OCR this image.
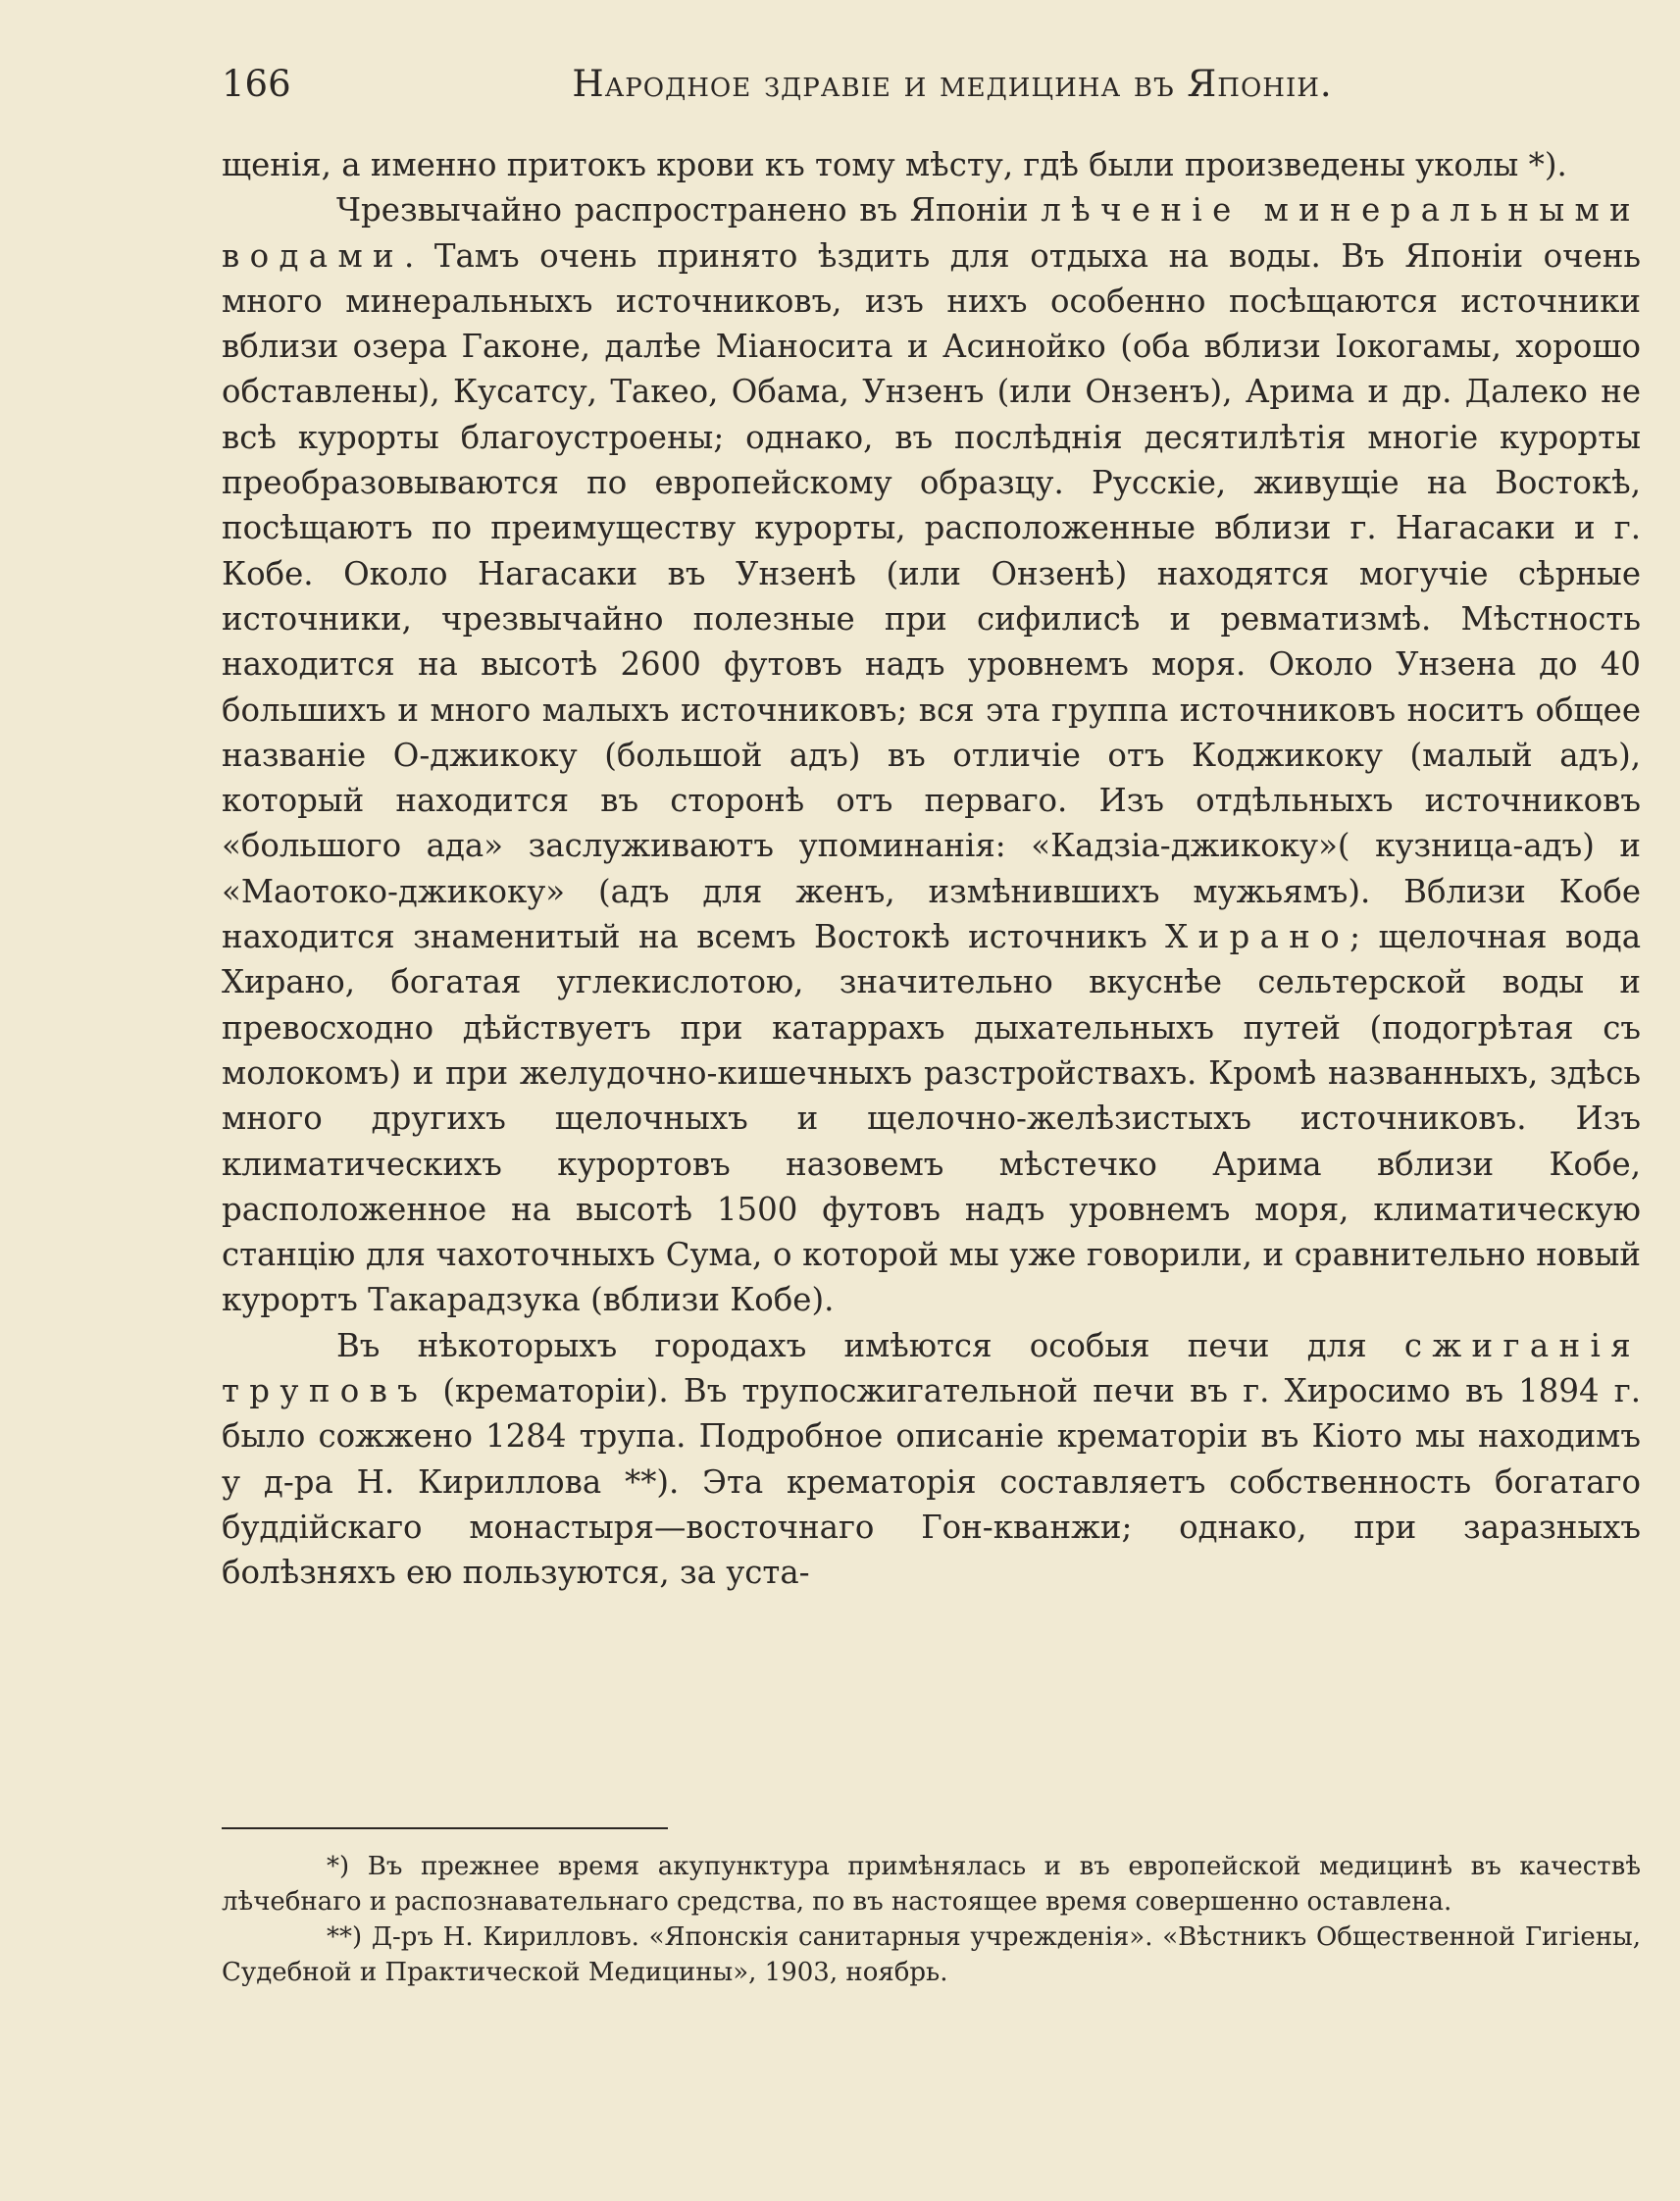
166	Народное здравіе и медицина въ Японіи.

щенія, а именно притокъ крови къ тому мѣсту, гдѣ были произведены уколы *).

Чрезвычайно распространено въ Японіи лѣченіе минеральными водами. Тамъ очень принято ѣздить для отдыха на воды. Въ Японіи очень много минеральныхъ источниковъ, изъ нихъ особенно посѣщаются источники вблизи озера Гаконе, далѣе Міаносита и Асинойко (оба вблизи Іокогамы, хорошо обставлены), Кусатсу, Такео, Обама, Унзенъ (или Онзенъ), Арима и др. Далеко не всѣ курорты благоустроены; однако, въ послѣднія десятилѣтія многіе курорты преобразовываются по европейскому образцу. Русскіе, живущіе на Востокѣ, посѣщаютъ по преимуществу курорты, расположенные вблизи г. Нагасаки и г. Кобе. Около Нагасаки въ Унзенѣ (или Онзенѣ) находятся могучіе сѣрные источники, чрезвычайно полезные при сифилисѣ и ревматизмѣ. Мѣстность находится на высотѣ 2600 футовъ надъ уровнемъ моря. Около Унзена до 40 большихъ и много малыхъ источниковъ; вся эта группа источниковъ носитъ общее названіе О-джикоку (большой адъ) въ отличіе отъ Коджикоку (малый адъ), который находится въ сторонѣ отъ перваго. Изъ отдѣльныхъ источниковъ «большого ада» заслуживаютъ упоминанія: «Кадзіа-джикоку»( кузница-адъ) и «Маотоко-джикоку» (адъ для женъ, измѣнившихъ мужьямъ). Вблизи Кобе находится знаменитый на всемъ Востокѣ источникъ Хирано; щелочная вода Хирано, богатая углекислотою, значительно вкуснѣе сельтерской воды и превосходно дѣйствуетъ при катаррахъ дыхательныхъ путей (подогрѣтая съ молокомъ) и при желудочно-кишечныхъ разстройствахъ. Кромѣ названныхъ, здѣсь много другихъ щелочныхъ и щелочно-желѣзистыхъ источниковъ. Изъ климатическихъ курортовъ назовемъ мѣстечко Арима вблизи Кобе, расположенное на высотѣ 1500 футовъ надъ уровнемъ моря, климатическую станцію для чахоточныхъ Сума, о которой мы уже говорили, и сравнительно новый курортъ Такарадзука (вблизи Кобе).

Въ нѣкоторыхъ городахъ имѣются особыя печи для сжиганія труповъ (крематоріи). Въ трупосжигательной печи въ г. Хиросимо въ 1894 г. было сожжено 1284 трупа. Подробное описаніе крематоріи въ Кіото мы находимъ у д-ра Н. Кириллова **). Эта крематорія составляетъ собственность богатаго буддійскаго монастыря—восточнаго Гон-кванжи; однако, при заразныхъ болѣзняхъ ею пользуются, за уста-

*) Въ прежнее время акупунктура примѣнялась и въ европейской медицинѣ въ качествѣ лѣчебнаго и распознавательнаго средства, по въ настоящее время совершенно оставлена.

**) Д-ръ Н. Кирилловъ. «Японскія санитарныя учрежденія». «Вѣстникъ Общественной Гигіены, Судебной и Практической Медицины», 1903, ноябрь.
